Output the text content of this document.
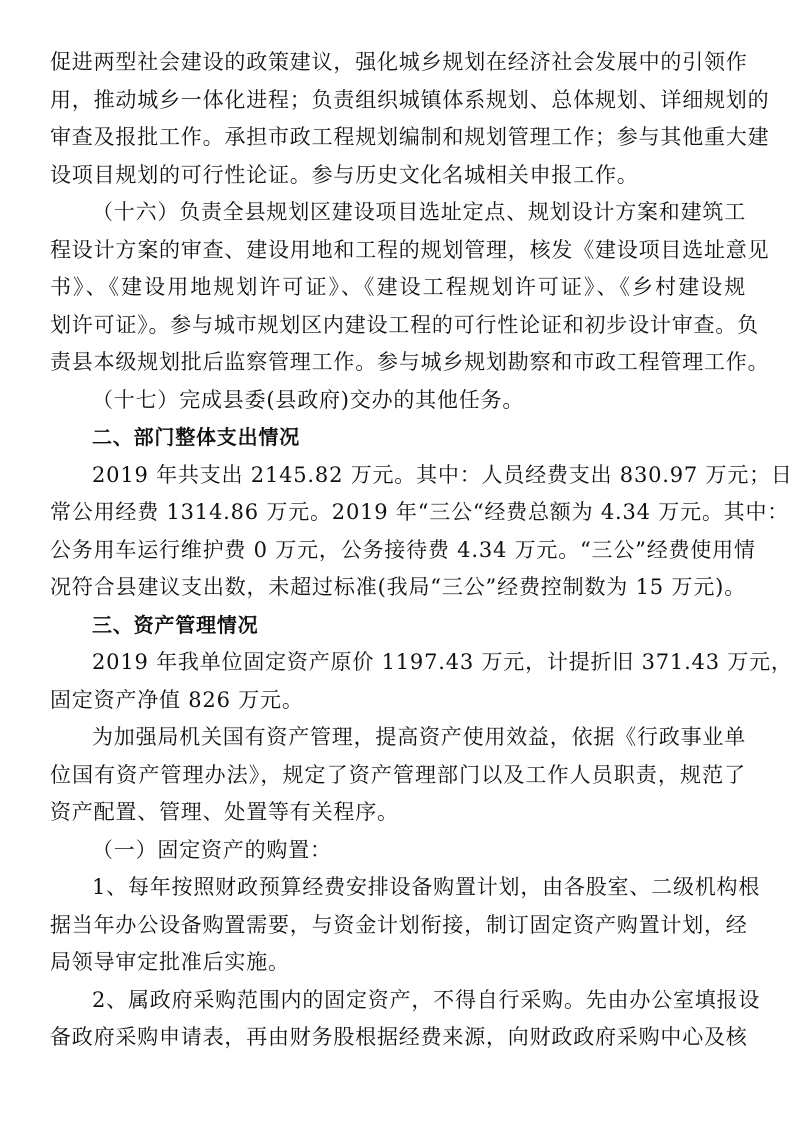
促进两型社会建设的政策建议，强化城乡规划在经济社会发展中的引领作
用，推动城乡一体化进程；负责组织城镇体系规划、总体规划、详细规划的
审查及报批工作。承担市政工程规划编制和规划管理工作；参与其他重大建
设项目规划的可行性论证。参与历史文化名城相关申报工作。
（十六）负责全县规划区建设项目选址定点、规划设计方案和建筑工
程设计方案的审查、建设用地和工程的规划管理，核发《建设项目选址意见
书》、《建设用地规划许可证》、《建设工程规划许可证》、《乡村建设规
划许可证》。参与城市规划区内建设工程的可行性论证和初步设计审查。负
责县本级规划批后监察管理工作。参与城乡规划勘察和市政工程管理工作。
（十七）完成县委(县政府)交办的其他任务。
二、部门整体支出情况
2019 年共支出 2145.82 万元。其中：人员经费支出 830.97 万元；日
常公用经费 1314.86 万元。2019 年“三公“经费总额为 4.34 万元。其中：
公务用车运行维护费 0 万元，公务接待费 4.34 万元。“三公”经费使用情
况符合县建议支出数，未超过标准(我局“三公”经费控制数为 15 万元)。
三、资产管理情况
2019 年我单位固定资产原价 1197.43 万元，计提折旧 371.43 万元，
固定资产净值 826 万元。
为加强局机关国有资产管理，提高资产使用效益，依据《行政事业单
位国有资产管理办法》，规定了资产管理部门以及工作人员职责，规范了
资产配置、管理、处置等有关程序。
（一）固定资产的购置：
1、每年按照财政预算经费安排设备购置计划，由各股室、二级机构根
据当年办公设备购置需要，与资金计划衔接，制订固定资产购置计划，经
局领导审定批准后实施。
2、属政府采购范围内的固定资产，不得自行采购。先由办公室填报设
备政府采购申请表，再由财务股根据经费来源，向财政政府采购中心及核
